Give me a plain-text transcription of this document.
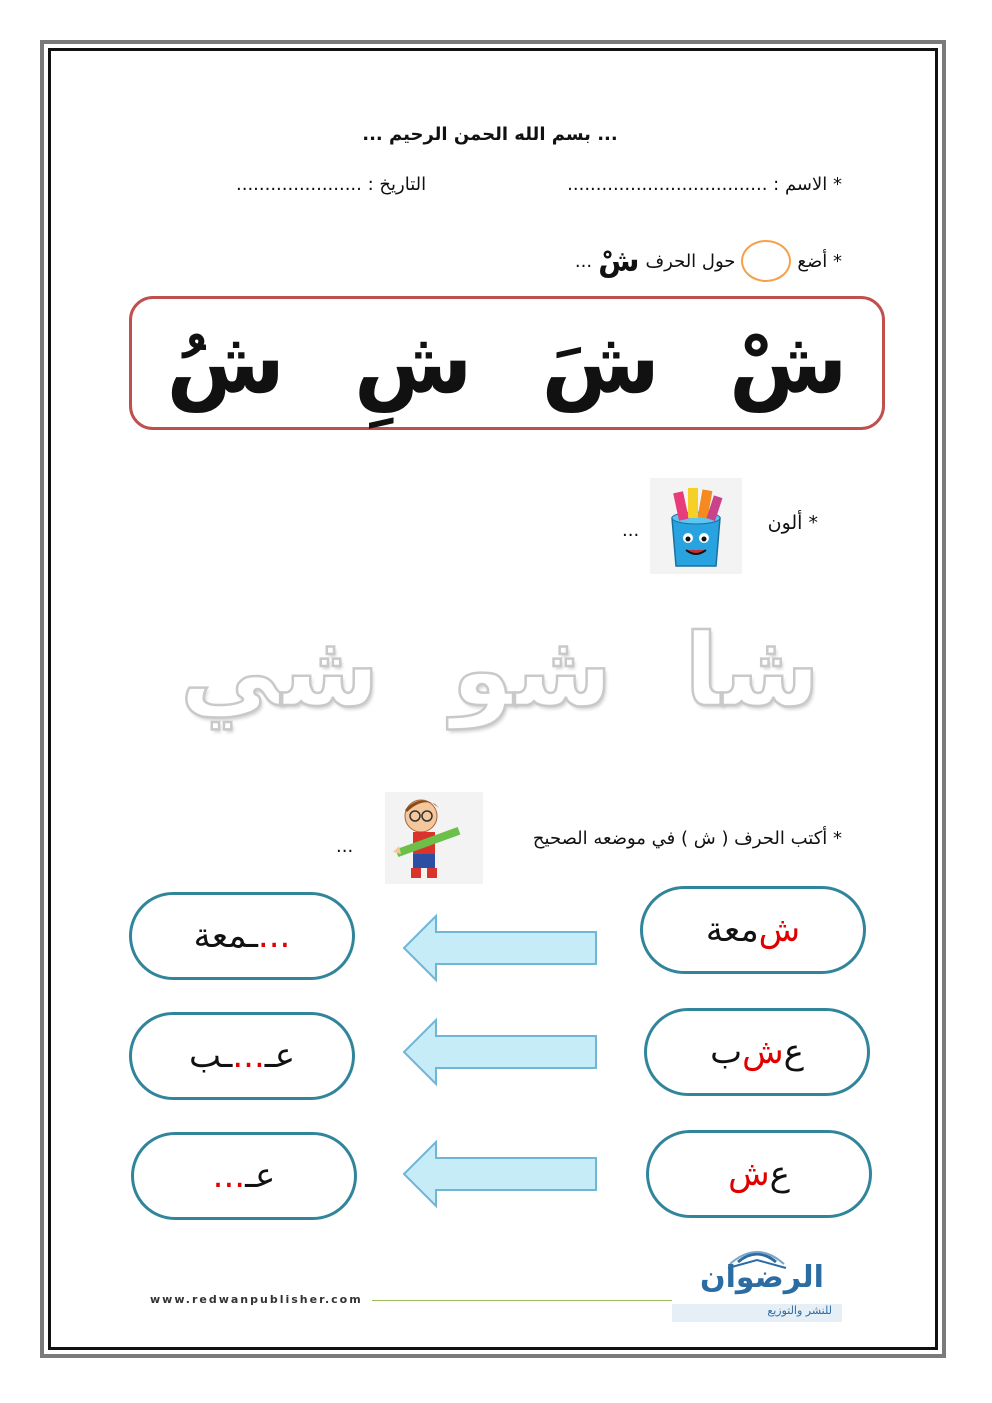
... بسم الله الحمن الرحيم ...
* الاسم : ...................................
التاريخ : ......................
* أضع
حول الحرف
شْ
...
شْ
شَ
شِ
شُ
* ألون
...
شا
شو
شي
* أكتب الحرف ( ش ) في موضعه الصحيح
...
ش
معة
...
ـمعة
ع
ش
ب
عـ
...
ـب
ع
ش
عـ
...
www.redwanpublisher.com
الرضوان
للنشر والتوزيع
